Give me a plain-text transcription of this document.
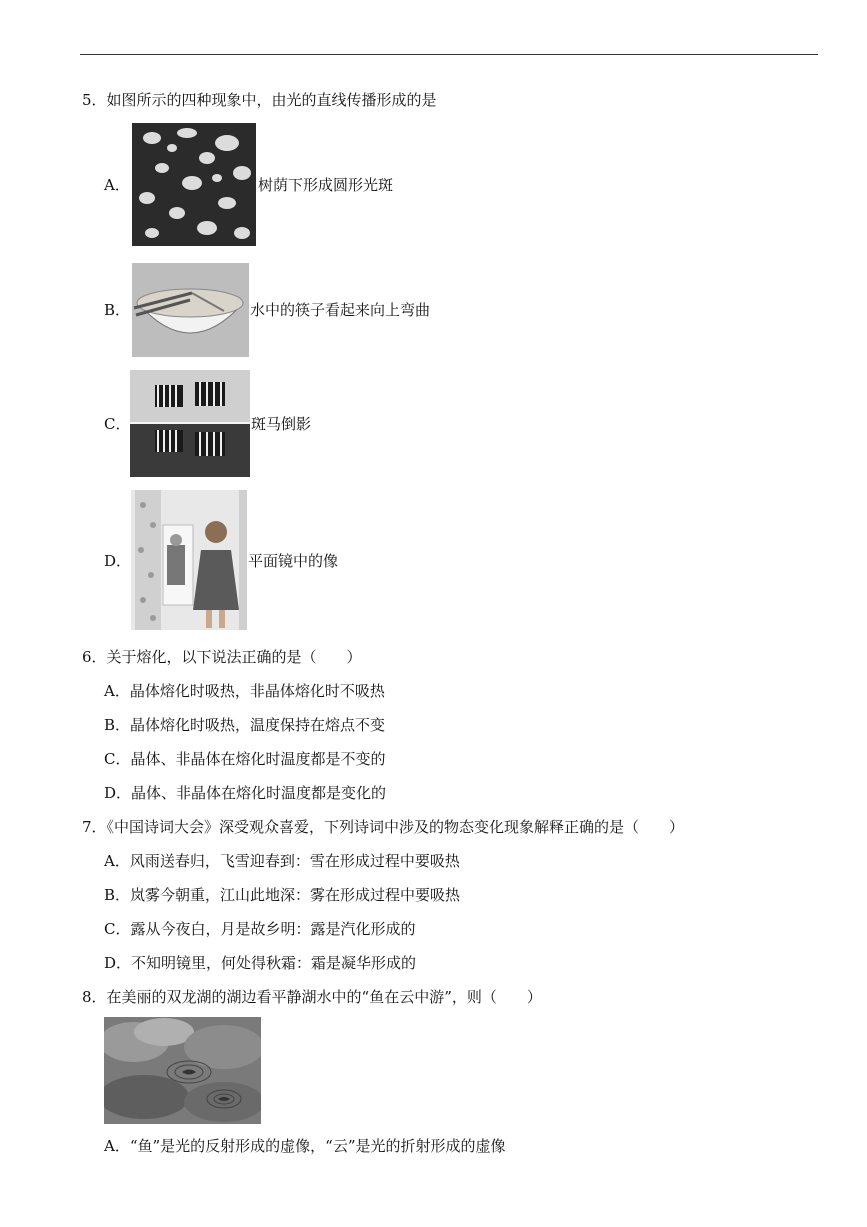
5．如图所示的四种现象中，由光的直线传播形成的是
A．	树荫下形成圆形光斑
B．	水中的筷子看起来向上弯曲
C．	斑马倒影
D．	平面镜中的像
6．关于熔化，以下说法正确的是（　　）
A．晶体熔化时吸热，非晶体熔化时不吸热
B．晶体熔化时吸热，温度保持在熔点不变
C．晶体、非晶体在熔化时温度都是不变的
D．晶体、非晶体在熔化时温度都是变化的
7．《中国诗词大会》深受观众喜爱，下列诗词中涉及的物态变化现象解释正确的是（　　）
A．风雨送春归，飞雪迎春到：雪在形成过程中要吸热
B．岚雾今朝重，江山此地深：雾在形成过程中要吸热
C．露从今夜白，月是故乡明：露是汽化形成的
D．不知明镜里，何处得秋霜：霜是凝华形成的
8．在美丽的双龙湖的湖边看平静湖水中的“鱼在云中游”，则（　　）
A．“鱼”是光的反射形成的虚像，“云”是光的折射形成的虚像
